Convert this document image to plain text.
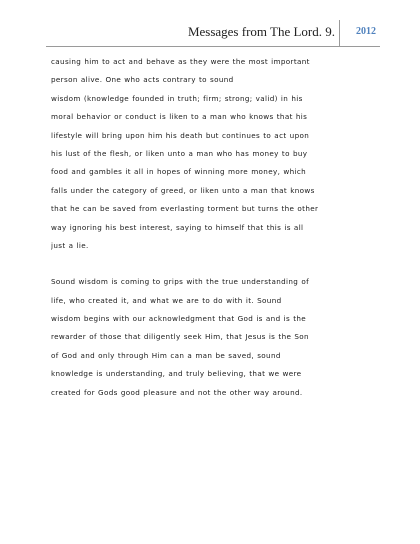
Messages from The Lord. 9. 2012
causing him to act and behave as they were the most important
person alive. One who acts contrary to sound
wisdom (knowledge founded in truth; firm; strong; valid) in his
moral behavior or conduct is liken to a man who knows that his
lifestyle will bring upon him his death but continues to act upon
his lust of the flesh, or liken unto a man who has money to buy
food and gambles it all in hopes of winning more money, which
falls under the category of greed, or liken unto a man that knows
that he can be saved from everlasting torment but turns the other
way ignoring his best interest, saying to himself that this is all
just a lie.
Sound wisdom is coming to grips with the true understanding of
life, who created it, and what we are to do with it. Sound
wisdom begins with our acknowledgment that God is and is the
rewarder of those that diligently seek Him, that Jesus is the Son
of God and only through Him can a man be saved, sound
knowledge is understanding, and truly believing, that we were
created for Gods good pleasure and not the other way around.
